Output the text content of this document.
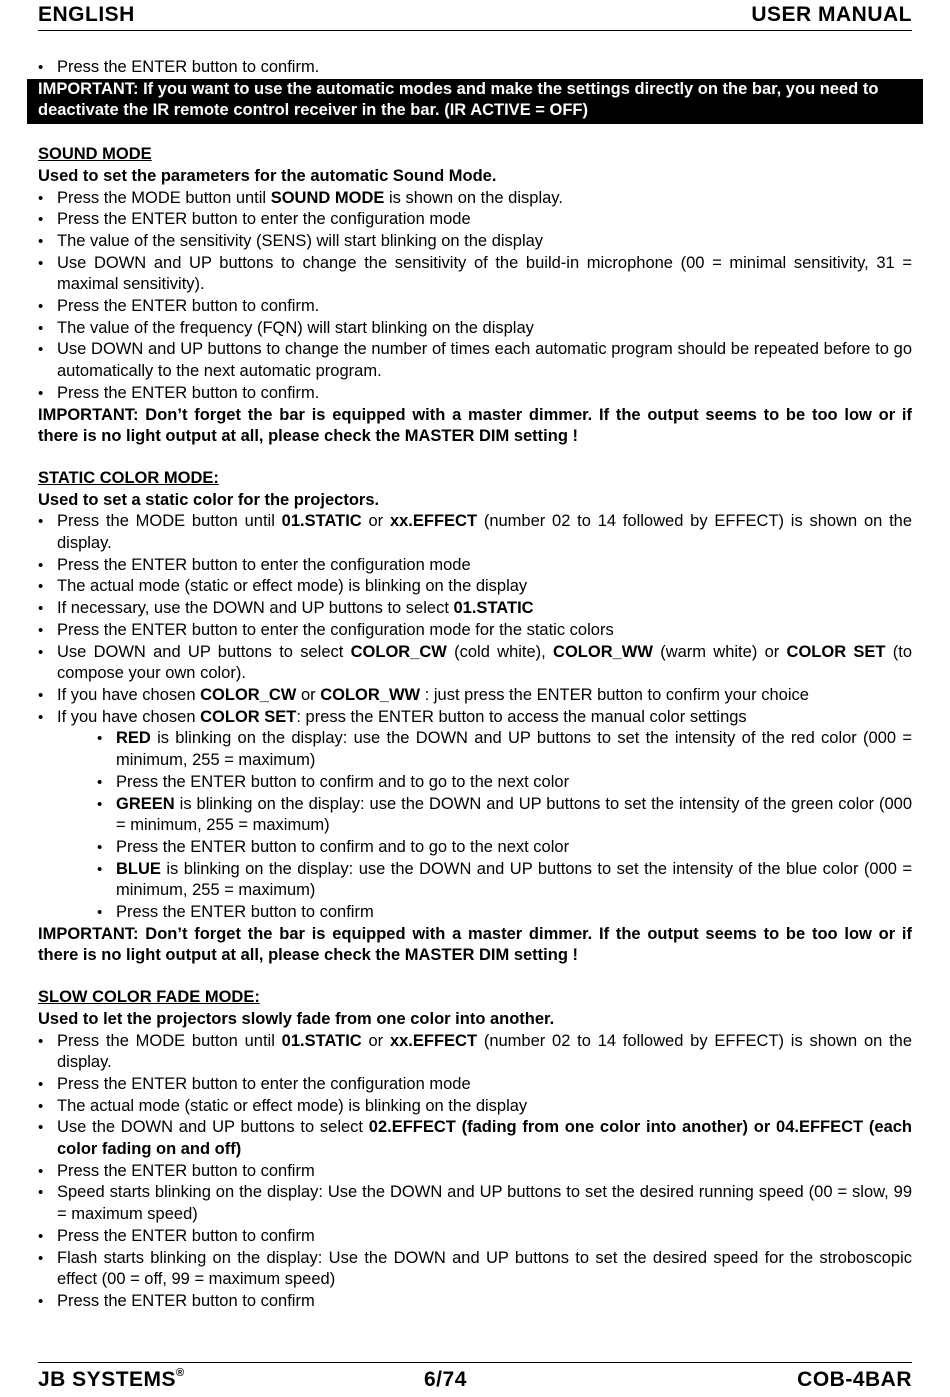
ENGLISH	USER MANUAL
• Press the ENTER button to confirm.
IMPORTANT: If you want to use the automatic modes and make the settings directly on the bar, you need to deactivate the IR remote control receiver in the bar. (IR ACTIVE = OFF)
SOUND MODE
Used to set the parameters for the automatic Sound Mode.
• Press the MODE button until SOUND MODE is shown on the display.
• Press the ENTER button to enter the configuration mode
• The value of the sensitivity (SENS) will start blinking on the display
• Use DOWN and UP buttons to change the sensitivity of the build-in microphone (00 = minimal sensitivity, 31 = maximal sensitivity).
• Press the ENTER button to confirm.
• The value of the frequency (FQN) will start blinking on the display
• Use DOWN and UP buttons to change the number of times each automatic program should be repeated before to go automatically to the next automatic program.
• Press the ENTER button to confirm.
IMPORTANT: Don’t forget the bar is equipped with a master dimmer. If the output seems to be too low or if there is no light output at all, please check the MASTER DIM setting !
STATIC COLOR MODE:
Used to set a static color for the projectors.
• Press the MODE button until 01.STATIC or xx.EFFECT (number 02 to 14 followed by EFFECT) is shown on the display.
• Press the ENTER button to enter the configuration mode
• The actual mode (static or effect mode) is blinking on the display
• If necessary, use the DOWN and UP buttons to select 01.STATIC
• Press the ENTER button to enter the configuration mode for the static colors
• Use DOWN and UP buttons to select COLOR_CW (cold white), COLOR_WW (warm white) or COLOR SET (to compose your own color).
• If you have chosen COLOR_CW or COLOR_WW : just press the ENTER button to confirm your choice
• If you have chosen COLOR SET: press the ENTER button to access the manual color settings
• RED is blinking on the display: use the DOWN and UP buttons to set the intensity of the red color (000 = minimum, 255 = maximum)
• Press the ENTER button to confirm and to go to the next color
• GREEN is blinking on the display: use the DOWN and UP buttons to set the intensity of the green color (000 = minimum, 255 = maximum)
• Press the ENTER button to confirm and to go to the next color
• BLUE is blinking on the display: use the DOWN and UP buttons to set the intensity of the blue color (000 = minimum, 255 = maximum)
• Press the ENTER button to confirm
IMPORTANT: Don’t forget the bar is equipped with a master dimmer. If the output seems to be too low or if there is no light output at all, please check the MASTER DIM setting !
SLOW COLOR FADE MODE:
Used to let the projectors slowly fade from one color into another.
• Press the MODE button until 01.STATIC or xx.EFFECT (number 02 to 14 followed by EFFECT) is shown on the display.
• Press the ENTER button to enter the configuration mode
• The actual mode (static or effect mode) is blinking on the display
• Use the DOWN and UP buttons to select 02.EFFECT (fading from one color into another) or 04.EFFECT (each color fading on and off)
• Press the ENTER button to confirm
• Speed starts blinking on the display: Use the DOWN and UP buttons to set the desired running speed (00 = slow, 99 = maximum speed)
• Press the ENTER button to confirm
• Flash starts blinking on the display: Use the DOWN and UP buttons to set the desired speed for the stroboscopic effect (00 = off, 99 = maximum speed)
• Press the ENTER button to confirm
JB SYSTEMS®	6/74	COB-4BAR
